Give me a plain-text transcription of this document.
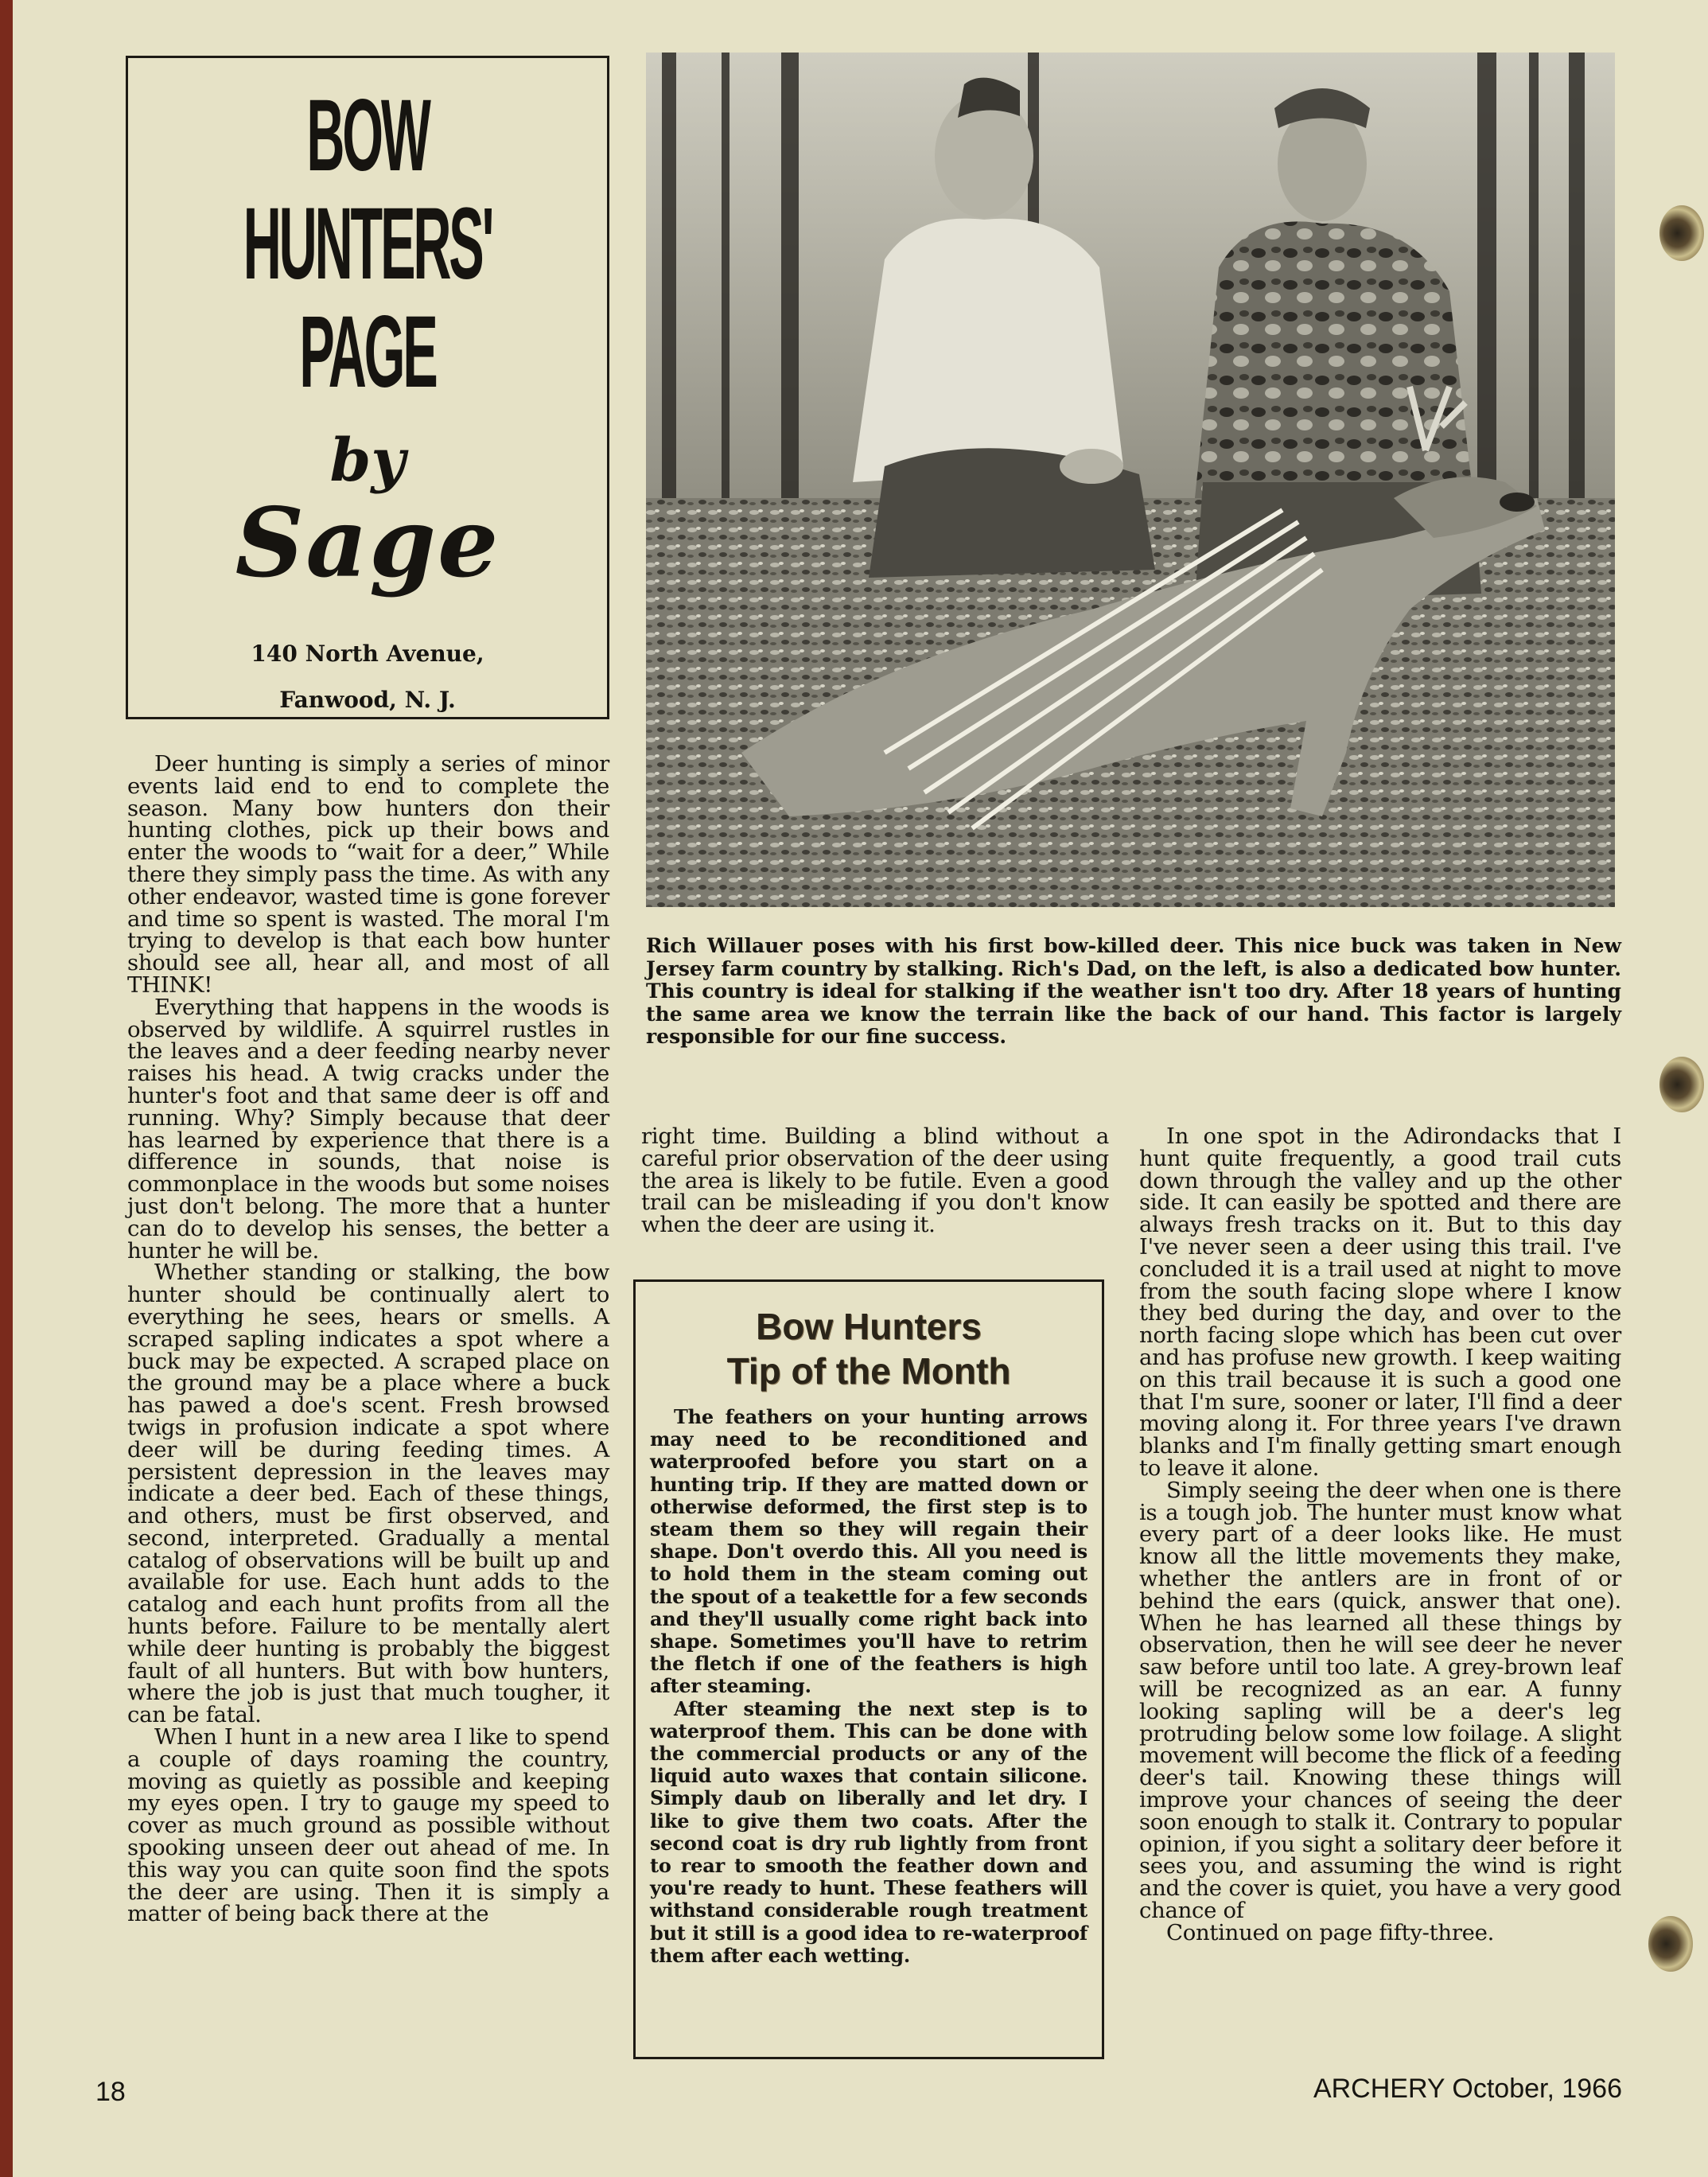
BOW HUNTERS'
PAGE
by
Sage
140 North Avenue,
Fanwood, N. J.
Rich Willauer poses with his first bow-killed deer. This nice buck was taken in New Jersey farm country by stalking. Rich's Dad, on the left, is also a dedicated bow hunter. This country is ideal for stalking if the weather isn't too dry. After 18 years of hunting the same area we know the terrain like the back of our hand. This factor is largely responsible for our fine success.

Deer hunting is simply a series of minor events laid end to end to complete the season. Many bow hunters don their hunting clothes, pick up their bows and enter the woods to “wait for a deer,” While there they simply pass the time. As with any other endeavor, wasted time is gone forever and time so spent is wasted. The moral I'm trying to develop is that each bow hunter should see all, hear all, and most of all THINK!

Everything that happens in the woods is observed by wildlife. A squirrel rustles in the leaves and a deer feeding nearby never raises his head. A twig cracks under the hunter's foot and that same deer is off and running. Why? Simply because that deer has learned by experience that there is a difference in sounds, that noise is commonplace in the woods but some noises just don't belong. The more that a hunter can do to develop his senses, the better a hunter he will be.

Whether standing or stalking, the bow hunter should be continually alert to everything he sees, hears or smells. A scraped sapling indicates a spot where a buck may be expected. A scraped place on the ground may be a place where a buck has pawed a doe's scent. Fresh browsed twigs in profusion indicate a spot where deer will be during feeding times. A persistent depression in the leaves may indicate a deer bed. Each of these things, and others, must be first observed, and second, interpreted. Gradually a mental catalog of observations will be built up and available for use. Each hunt adds to the catalog and each hunt profits from all the hunts before. Failure to be mentally alert while deer hunting is probably the biggest fault of all hunters. But with bow hunters, where the job is just that much tougher, it can be fatal.

When I hunt in a new area I like to spend a couple of days roaming the country, moving as quietly as possible and keeping my eyes open. I try to gauge my speed to cover as much ground as possible without spooking unseen deer out ahead of me. In this way you can quite soon find the spots the deer are using. Then it is simply a matter of being back there at the

right time. Building a blind without a careful prior observation of the deer using the area is likely to be futile. Even a good trail can be misleading if you don't know when the deer are using it.

Bow Hunters
Tip of the Month

The feathers on your hunting arrows may need to be reconditioned and waterproofed before you start on a hunting trip. If they are matted down or otherwise deformed, the first step is to steam them so they will regain their shape. Don't overdo this. All you need is to hold them in the steam coming out the spout of a teakettle for a few seconds and they'll usually come right back into shape. Sometimes you'll have to retrim the fletch if one of the feathers is high after steaming.

After steaming the next step is to waterproof them. This can be done with the commercial products or any of the liquid auto waxes that contain silicone. Simply daub on liberally and let dry. I like to give them two coats. After the second coat is dry rub lightly from front to rear to smooth the feather down and you're ready to hunt. These feathers will withstand considerable rough treatment but it still is a good idea to re-waterproof them after each wetting.

In one spot in the Adirondacks that I hunt quite frequently, a good trail cuts down through the valley and up the other side. It can easily be spotted and there are always fresh tracks on it. But to this day I've never seen a deer using this trail. I've concluded it is a trail used at night to move from the south facing slope where I know they bed during the day, and over to the north facing slope which has been cut over and has profuse new growth. I keep waiting on this trail because it is such a good one that I'm sure, sooner or later, I'll find a deer moving along it. For three years I've drawn blanks and I'm finally getting smart enough to leave it alone.

Simply seeing the deer when one is there is a tough job. The hunter must know what every part of a deer looks like. He must know all the little movements they make, whether the antlers are in front of or behind the ears (quick, answer that one). When he has learned all these things by observation, then he will see deer he never saw before until too late. A grey-brown leaf will be recognized as an ear. A funny looking sapling will be a deer's leg protruding below some low foilage. A slight movement will become the flick of a feeding deer's tail. Knowing these things will improve your chances of seeing the deer soon enough to stalk it. Contrary to popular opinion, if you sight a solitary deer before it sees you, and assuming the wind is right and the cover is quiet, you have a very good chance of

Continued on page fifty-three.

18	ARCHERY October, 1966
